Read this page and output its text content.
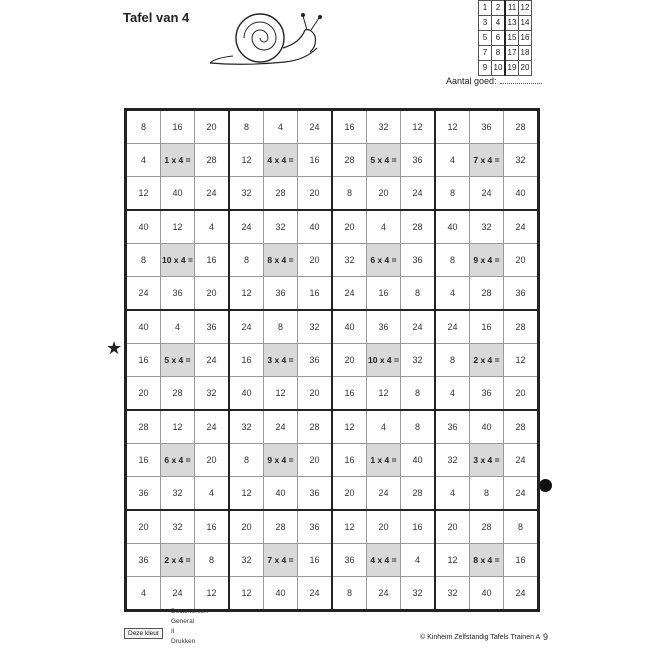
Tafel van 4
1	2	11	12
3	4	13	14
5	6	15	16
7	8	17	18
9	10	19	20
Aantal goed:
★
8	16	20	8	4	24	16	32	12	12	36	28
4	1 x 4 =	28	12	4 x 4 =	16	28	5 x 4 =	36	4	7 x 4 =	32
12	40	24	32	28	20	8	20	24	8	24	40
40	12	4	24	32	40	20	4	28	40	32	24
8	10 x 4 =	16	8	8 x 4 =	20	32	6 x 4 =	36	8	9 x 4 =	20
24	36	20	12	36	16	24	16	8	4	28	36
40	4	36	24	8	32	40	36	24	24	16	28
16	5 x 4 =	24	16	3 x 4 =	36	20	10 x 4 =	32	8	2 x 4 =	12
20	28	32	40	12	20	16	12	8	4	36	20
28	12	24	32	24	28	12	4	8	36	40	28
16	6 x 4 =	20	8	9 x 4 =	20	16	1 x 4 =	40	32	3 x 4 =	24
36	32	4	12	40	36	20	24	28	4	8	24
20	32	16	20	28	36	12	20	16	20	28	8
36	2 x 4 =	8	32	7 x 4 =	16	36	4 x 4 =	4	12	8 x 4 =	16
4	24	12	12	40	24	8	24	32	32	40	24
Deze kleur
Documenten
General
II
Drukken
© Kinheim Zelfstandig Tafels Trainen A 9
